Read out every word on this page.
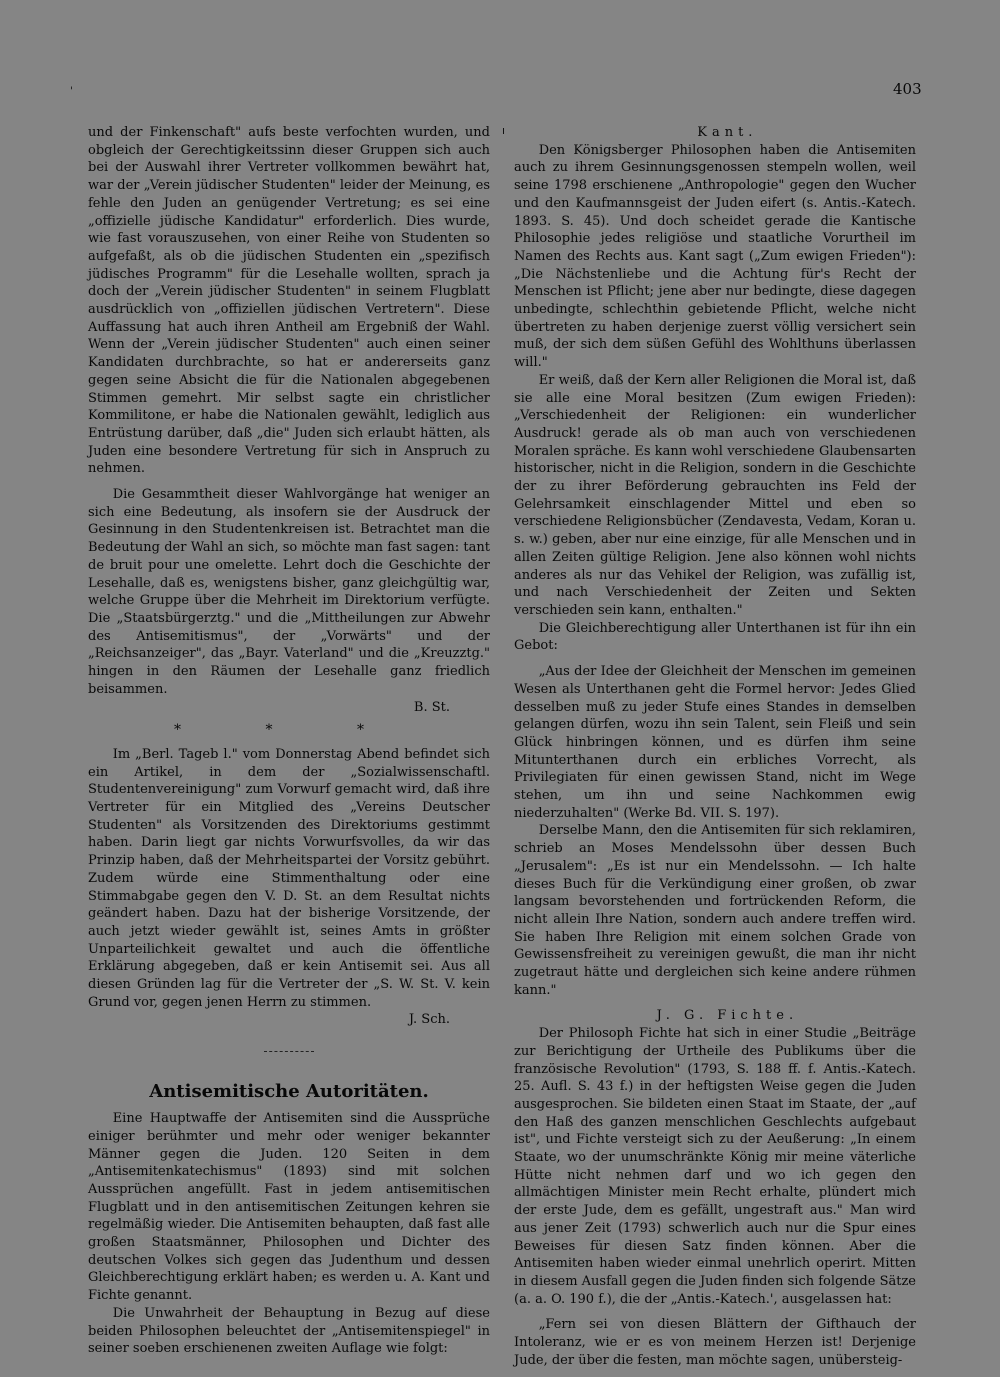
'	403

und der Finkenschaft" aufs beste verfochten wurden, und obgleich der Gerechtigkeitssinn dieser Gruppen sich auch bei der Auswahl ihrer Vertreter vollkommen bewährt hat, war der „Verein jüdischer Studenten" leider der Meinung, es fehle den Juden an genügender Vertretung; es sei eine „offizielle jüdische Kandidatur" erforderlich. Dies wurde, wie fast vorauszusehen, von einer Reihe von Studenten so aufgefaßt, als ob die jüdischen Studenten ein „spezifisch jüdisches Programm" für die Lesehalle wollten, sprach ja doch der „Verein jüdischer Studenten" in seinem Flugblatt ausdrücklich von „offiziellen jüdischen Vertretern". Diese Auffassung hat auch ihren Antheil am Ergebniß der Wahl. Wenn der „Verein jüdischer Studenten" auch einen seiner Kandidaten durchbrachte, so hat er andererseits ganz gegen seine Absicht die für die Nationalen abgegebenen Stimmen gemehrt. Mir selbst sagte ein christlicher Kommilitone, er habe die Nationalen gewählt, lediglich aus Entrüstung darüber, daß „die" Juden sich erlaubt hätten, als Juden eine besondere Vertretung für sich in Anspruch zu nehmen.

Die Gesammtheit dieser Wahlvorgänge hat weniger an sich eine Bedeutung, als insofern sie der Ausdruck der Gesinnung in den Studentenkreisen ist. Betrachtet man die Bedeutung der Wahl an sich, so möchte man fast sagen: tant de bruit pour une omelette. Lehrt doch die Geschichte der Lesehalle, daß es, wenigstens bisher, ganz gleichgültig war, welche Gruppe über die Mehrheit im Direktorium verfügte. Die „Staatsbürgerztg." und die „Mittheilungen zur Abwehr des Antisemitismus", der „Vorwärts" und der „Reichsanzeiger", das „Bayr. Vaterland" und die „Kreuzztg." hingen in den Räumen der Lesehalle ganz friedlich beisammen.

B. St.

* * *

Im „Berl. Tageb l." vom Donnerstag Abend befindet sich ein Artikel, in dem der „Sozialwissenschaftl. Studentenvereinigung" zum Vorwurf gemacht wird, daß ihre Vertreter für ein Mitglied des „Vereins Deutscher Studenten" als Vorsitzenden des Direktoriums gestimmt haben. Darin liegt gar nichts Vorwurfsvolles, da wir das Prinzip haben, daß der Mehrheitspartei der Vorsitz gebührt. Zudem würde eine Stimmenthaltung oder eine Stimmabgabe gegen den V. D. St. an dem Resultat nichts geändert haben. Dazu hat der bisherige Vorsitzende, der auch jetzt wieder gewählt ist, seines Amts in größter Unparteilichkeit gewaltet und auch die öffentliche Erklärung abgegeben, daß er kein Antisemit sei. Aus all diesen Gründen lag für die Vertreter der „S. W. St. V. kein Grund vor, gegen jenen Herrn zu stimmen.

J. Sch.

Antisemitische Autoritäten.

Eine Hauptwaffe der Antisemiten sind die Aussprüche einiger berühmter und mehr oder weniger bekannter Männer gegen die Juden. 120 Seiten in dem „Antisemitenkatechismus" (1893) sind mit solchen Aussprüchen angefüllt. Fast in jedem antisemitischen Flugblatt und in den antisemitischen Zeitungen kehren sie regelmäßig wieder. Die Antisemiten behaupten, daß fast alle großen Staatsmänner, Philosophen und Dichter des deutschen Volkes sich gegen das Judenthum und dessen Gleichberechtigung erklärt haben; es werden u. A. Kant und Fichte genannt.

Die Unwahrheit der Behauptung in Bezug auf diese beiden Philosophen beleuchtet der „Antisemitenspiegel" in seiner soeben erschienenen zweiten Auflage wie folgt:

Kant.

Den Königsberger Philosophen haben die Antisemiten auch zu ihrem Gesinnungsgenossen stempeln wollen, weil seine 1798 erschienene „Anthropologie" gegen den Wucher und den Kaufmannsgeist der Juden eifert (s. Antis.-Katech. 1893. S. 45). Und doch scheidet gerade die Kantische Philosophie jedes religiöse und staatliche Vorurtheil im Namen des Rechts aus. Kant sagt („Zum ewigen Frieden"): „Die Nächstenliebe und die Achtung für's Recht der Menschen ist Pflicht; jene aber nur bedingte, diese dagegen unbedingte, schlechthin gebietende Pflicht, welche nicht übertreten zu haben derjenige zuerst völlig versichert sein muß, der sich dem süßen Gefühl des Wohlthuns überlassen will."

Er weiß, daß der Kern aller Religionen die Moral ist, daß sie alle eine Moral besitzen (Zum ewigen Frieden): „Verschiedenheit der Religionen: ein wunderlicher Ausdruck! gerade als ob man auch von verschiedenen Moralen spräche. Es kann wohl verschiedene Glaubensarten historischer, nicht in die Religion, sondern in die Geschichte der zu ihrer Beförderung gebrauchten ins Feld der Gelehrsamkeit einschlagender Mittel und eben so verschiedene Religionsbücher (Zendavesta, Vedam, Koran u. s. w.) geben, aber nur eine einzige, für alle Menschen und in allen Zeiten gültige Religion. Jene also können wohl nichts anderes als nur das Vehikel der Religion, was zufällig ist, und nach Verschiedenheit der Zeiten und Sekten verschieden sein kann, enthalten."

Die Gleichberechtigung aller Unterthanen ist für ihn ein Gebot:

„Aus der Idee der Gleichheit der Menschen im gemeinen Wesen als Unterthanen geht die Formel hervor: Jedes Glied desselben muß zu jeder Stufe eines Standes in demselben gelangen dürfen, wozu ihn sein Talent, sein Fleiß und sein Glück hinbringen können, und es dürfen ihm seine Mitunterthanen durch ein erbliches Vorrecht, als Privilegiaten für einen gewissen Stand, nicht im Wege stehen, um ihn und seine Nachkommen ewig niederzuhalten" (Werke Bd. VII. S. 197).

Derselbe Mann, den die Antisemiten für sich reklamiren, schrieb an Moses Mendelssohn über dessen Buch „Jerusalem": „Es ist nur ein Mendelssohn. — Ich halte dieses Buch für die Verkündigung einer großen, ob zwar langsam bevorstehenden und fortrückenden Reform, die nicht allein Ihre Nation, sondern auch andere treffen wird. Sie haben Ihre Religion mit einem solchen Grade von Gewissensfreiheit zu vereinigen gewußt, die man ihr nicht zugetraut hätte und dergleichen sich keine andere rühmen kann."

J. G. Fichte.

Der Philosoph Fichte hat sich in einer Studie „Beiträge zur Berichtigung der Urtheile des Publikums über die französische Revolution" (1793, S. 188 ff. f. Antis.-Katech. 25. Aufl. S. 43 f.) in der heftigsten Weise gegen die Juden ausgesprochen. Sie bildeten einen Staat im Staate, der „auf den Haß des ganzen menschlichen Geschlechts aufgebaut ist", und Fichte versteigt sich zu der Aeußerung: „In einem Staate, wo der unumschränkte König mir meine väterliche Hütte nicht nehmen darf und wo ich gegen den allmächtigen Minister mein Recht erhalte, plündert mich der erste Jude, dem es gefällt, ungestraft aus." Man wird aus jener Zeit (1793) schwerlich auch nur die Spur eines Beweises für diesen Satz finden können. Aber die Antisemiten haben wieder einmal unehrlich operirt. Mitten in diesem Ausfall gegen die Juden finden sich folgende Sätze (a. a. O. 190 f.), die der „Antis.-Katech.', ausgelassen hat:

„Fern sei von diesen Blättern der Gifthauch der Intoleranz, wie er es von meinem Herzen ist! Derjenige Jude, der über die festen, man möchte sagen, unübersteig-
